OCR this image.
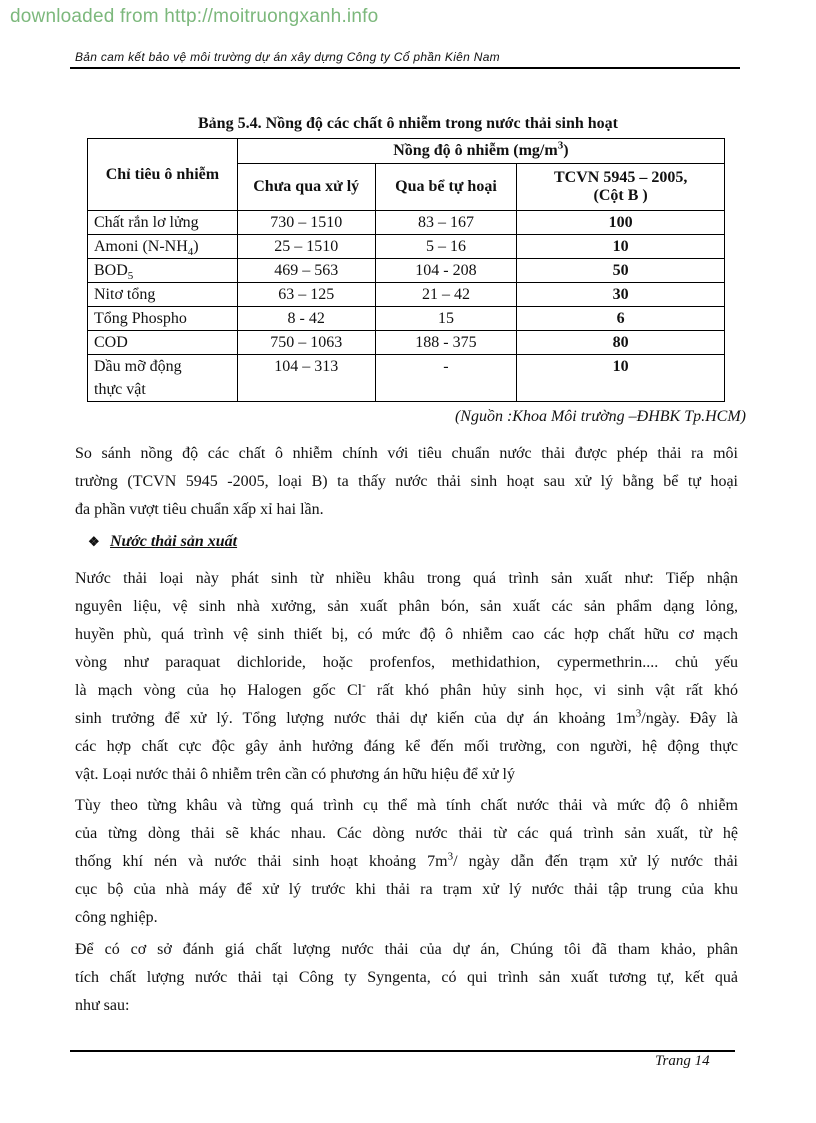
downloaded from http://moitruongxanh.info
Bản cam kết bảo vệ môi trường dự án xây dựng Công ty Cổ phần Kiên Nam
Bảng 5.4. Nồng độ các chất ô nhiễm trong nước thải sinh hoạt
Chỉ tiêu ô nhiễm	Nồng độ ô nhiễm $(mg/m^3)$		
	Chưa qua xử lý	Qua bể tự hoại	TCVN 5945 – 2005,
(Cột B )

Chất rắn lơ lửng	730 – 1510	83 – 167	100
Amoni $(N-NH_4)$	25 – 1510	5 – 16	10
$BOD_5$	469 – 563	104 - 208	50
Nitơ tổng	63 – 125	21 – 42	30
Tổng Phospho	8 - 42	15	6
COD	750 – 1063	188 - 375	80

Dầu mỡ động
thực vật	104 – 313	-	10
(Nguồn :Khoa Môi trường –ĐHBK Tp.HCM)
So sánh nồng độ các chất ô nhiễm chính với tiêu chuẩn nước thải được phép thải ra môi
trường (TCVN 5945 -2005, loại B) ta thấy nước thải sinh hoạt sau xử lý bằng bể tự hoại
đa phần vượt tiêu chuẩn xấp xỉ hai lần.
❖ Nước thải sản xuất
Nước thải loại này phát sinh từ nhiều khâu trong quá trình sản xuất như: Tiếp nhận
nguyên liệu, vệ sinh nhà xưởng, sản xuất phân bón, sản xuất các sản phẩm dạng lỏng,
huyền phù, quá trình vệ sinh thiết bị, có mức độ ô nhiễm cao các hợp chất hữu cơ mạch
vòng như paraquat dichloride, hoặc profenfos, methidathion, cypermethrin.... chủ yếu
là mạch vòng của họ Halogen gốc Cl- rất khó phân hủy sinh học, vi sinh vật rất khó
sinh trưởng để xử lý. Tổng lượng nước thải dự kiến của dự án khoảng $1m^3$/ngày. Đây là
các hợp chất cực độc gây ảnh hưởng đáng kể đến mối trường, con người, hệ động thực
vật. Loại nước thải ô nhiễm trên cần có phương án hữu hiệu để xử lý
Tùy theo từng khâu và từng quá trình cụ thể mà tính chất nước thải và mức độ ô nhiễm
của từng dòng thải sẽ khác nhau. Các dòng nước thải từ các quá trình sản xuất, từ hệ
thống khí nén và nước thải sinh hoạt khoảng $7m^3/$ ngày dẫn đến trạm xử lý nước thải
cục bộ của nhà máy để xử lý trước khi thải ra trạm xử lý nước thải tập trung của khu
công nghiệp.
Để có cơ sở đánh giá chất lượng nước thải của dự án, Chúng tôi đã tham khảo, phân
tích chất lượng nước thải tại Công ty Syngenta, có qui trình sản xuất tương tự, kết quả
như sau:
Trang 14
